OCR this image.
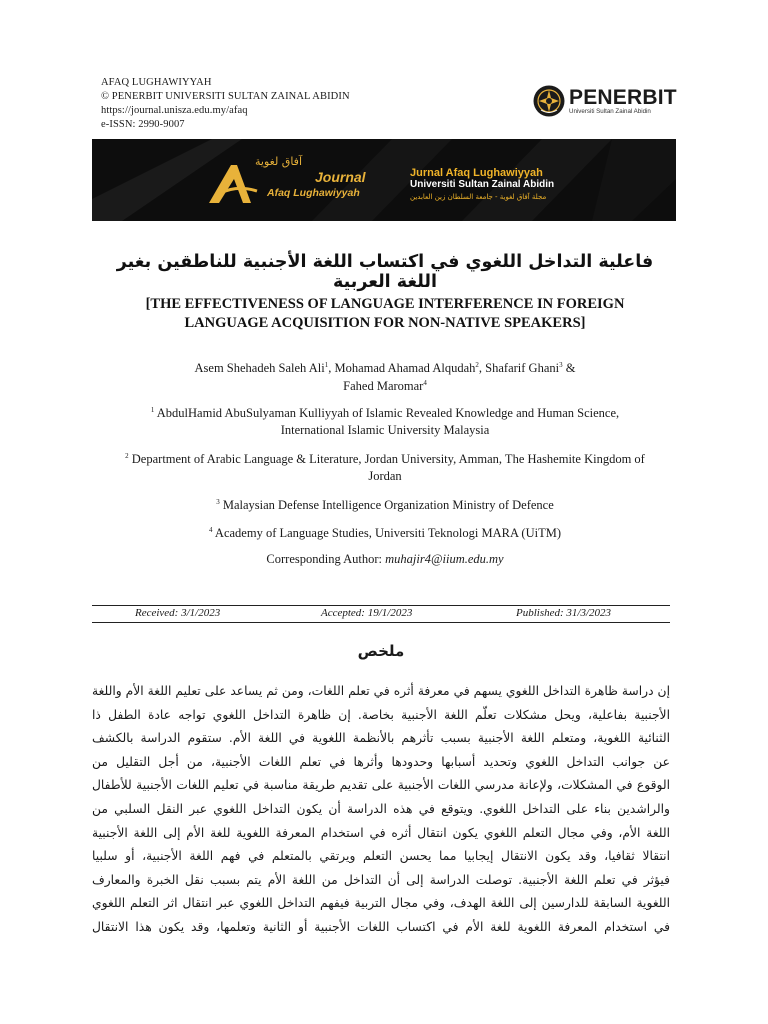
AFAQ LUGHAWIYYAH
© PENERBIT UNIVERSITI SULTAN ZAINAL ABIDIN
https://journal.unisza.edu.my/afaq
e-ISSN: 2990-9007
PENERBIT
Universiti Sultan Zainal Abidin
آفاق لغوية
Journal
Afaq Lughawiyyah
Jurnal Afaq Lughawiyyah
Universiti Sultan Zainal Abidin
مجلة آفاق لغوية - جامعة السلطان زين العابدين
فاعلية التداخل اللغوي في اكتساب اللغة الأجنبية للناطقين بغير اللغة العربية
[THE EFFECTIVENESS OF LANGUAGE INTERFERENCE IN FOREIGN LANGUAGE ACQUISITION FOR NON-NATIVE SPEAKERS]
Asem Shehadeh Saleh Ali$^1$, Mohamad Ahamad Alqudah$^2$, Shafarif Ghani$^3$ &
Fahed Maromar$^4$
$^1$ AbdulHamid AbuSulyaman Kulliyyah of Islamic Revealed Knowledge and Human Science, International Islamic University Malaysia
$^2$ Department of Arabic Language & Literature, Jordan University, Amman, The Hashemite Kingdom of Jordan
$^3$ Malaysian Defense Intelligence Organization Ministry of Defence
$^4$ Academy of Language Studies, Universiti Teknologi MARA (UiTM)
Corresponding Author: muhajir4@iium.edu.my
Received: 3/1/2023	Accepted: 19/1/2023	Published: 31/3/2023
ملخص
إن دراسة ظاهرة التداخل اللغوي يسهم في معرفة أثره في تعلم اللغات، ومن ثم يساعد على تعليم اللغة الأم واللغة
الأجنبية بفاعلية، ويحل مشكلات تعلّم اللغة الأجنبية بخاصة. إن ظاهرة التداخل اللغوي تواجه عادة الطفل ذا
الثنائية اللغوية، ومتعلم اللغة الأجنبية بسبب تأثرهم بالأنظمة اللغوية في اللغة الأم. ستقوم الدراسة بالكشف
عن جوانب التداخل اللغوي وتحديد أسبابها وحدودها وأثرها في تعلم اللغات الأجنبية، من أجل التقليل من
الوقوع في المشكلات، ولإعانة مدرسي اللغات الأجنبية على تقديم طريقة مناسبة في تعليم اللغات الأجنبية للأطفال
والراشدين بناء على التداخل اللغوي. ويتوقع في هذه الدراسة أن يكون التداخل اللغوي عبر النقل السلبي من
اللغة الأم، وفي مجال التعلم اللغوي يكون انتقال أثره في استخدام المعرفة اللغوية للغة الأم إلى اللغة الأجنبية
انتقالا ثقافيا، وقد يكون الانتقال إيجابيا مما يحسن التعلم ويرتقي بالمتعلم في فهم اللغة الأجنبية، أو سلبيا
فيؤثر في تعلم اللغة الأجنبية. توصلت الدراسة إلى أن التداخل من اللغة الأم يتم بسبب نقل الخبرة والمعارف
اللغوية السابقة للدارسين إلى اللغة الهدف، وفي مجال التربية فيفهم التداخل اللغوي عبر انتقال اثر التعلم اللغوي
في استخدام المعرفة اللغوية للغة الأم في اكتساب اللغات الأجنبية أو الثانية وتعلمها، وقد يكون هذا الانتقال
